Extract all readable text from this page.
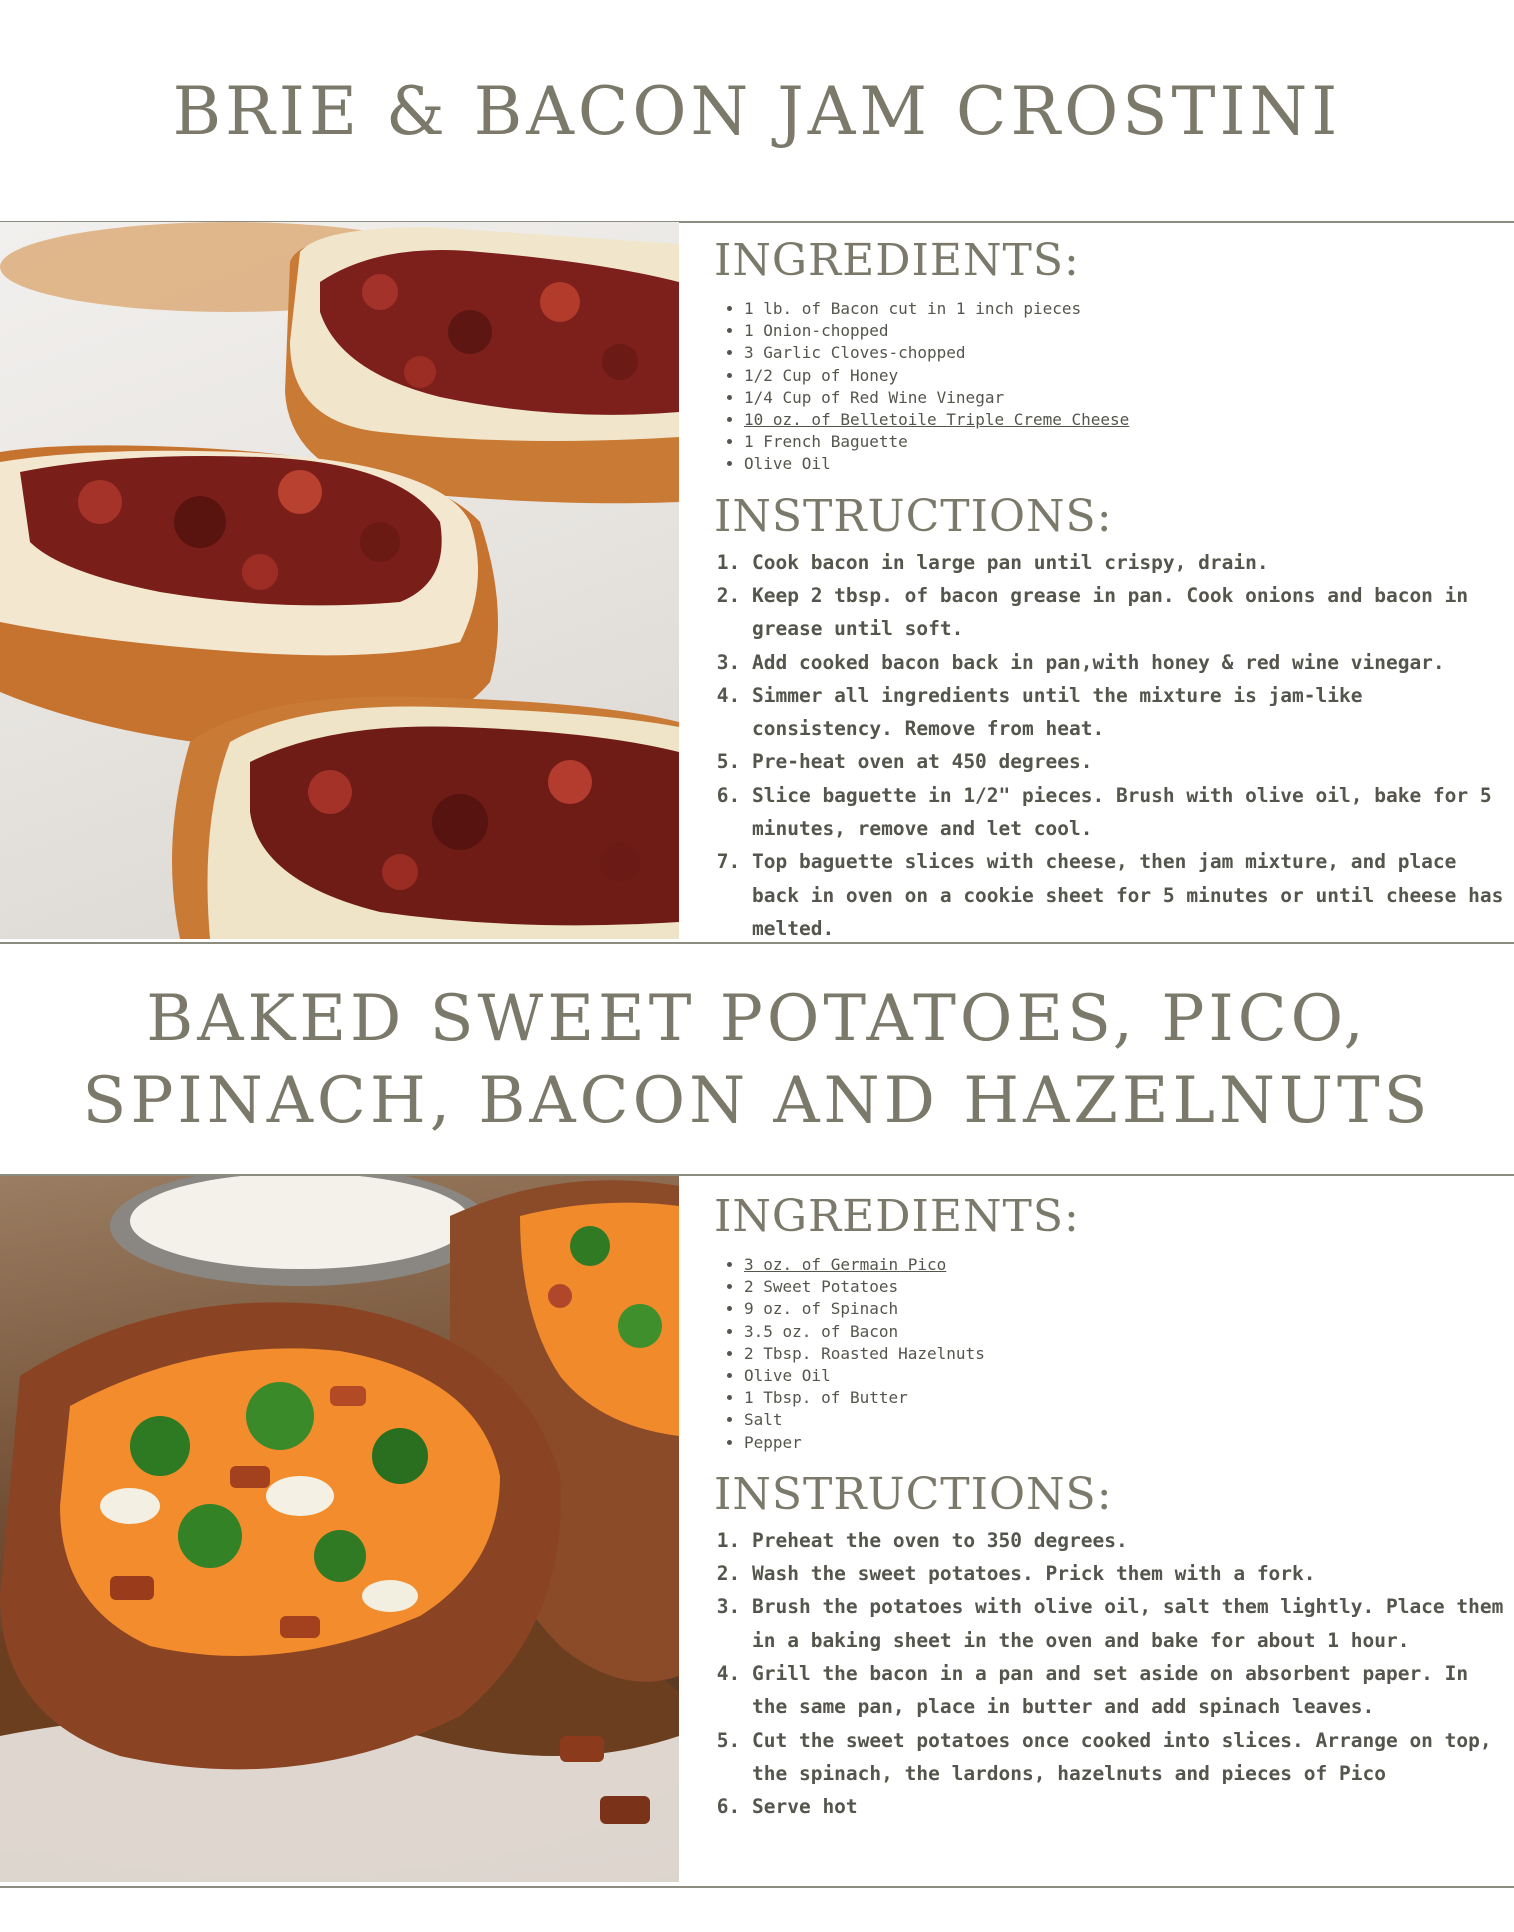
BRIE & BACON JAM CROSTINI
INGREDIENTS:
• 1 lb. of Bacon cut in 1 inch pieces
• 1 Onion-chopped
• 3 Garlic Cloves-chopped
• 1/2 Cup of Honey
• 1/4 Cup of Red Wine Vinegar
• 10 oz. of Belletoile Triple Creme Cheese
• 1 French Baguette
• Olive Oil
INSTRUCTIONS:
1. Cook bacon in large pan until crispy, drain.
2. Keep 2 tbsp. of bacon grease in pan. Cook onions and bacon in grease until soft.
3. Add cooked bacon back in pan,with honey & red wine vinegar.
4. Simmer all ingredients until the mixture is jam-like consistency. Remove from heat.
5. Pre-heat oven at 450 degrees.
6. Slice baguette in 1/2" pieces. Brush with olive oil, bake for 5 minutes, remove and let cool.
7. Top baguette slices with cheese, then jam mixture, and place back in oven on a cookie sheet for 5 minutes or until cheese has melted.
BAKED SWEET POTATOES, PICO,
SPINACH, BACON AND HAZELNUTS
INGREDIENTS:
• 3 oz. of Germain Pico
• 2 Sweet Potatoes
• 9 oz. of Spinach
• 3.5 oz. of Bacon
• 2 Tbsp. Roasted Hazelnuts
• Olive Oil
• 1 Tbsp. of Butter
• Salt
• Pepper
INSTRUCTIONS:
1. Preheat the oven to 350 degrees.
2. Wash the sweet potatoes. Prick them with a fork.
3. Brush the potatoes with olive oil, salt them lightly. Place them in a baking sheet in the oven and bake for about 1 hour.
4. Grill the bacon in a pan and set aside on absorbent paper. In the same pan, place in butter and add spinach leaves.
5. Cut the sweet potatoes once cooked into slices. Arrange on top, the spinach, the lardons, hazelnuts and pieces of Pico
6. Serve hot
